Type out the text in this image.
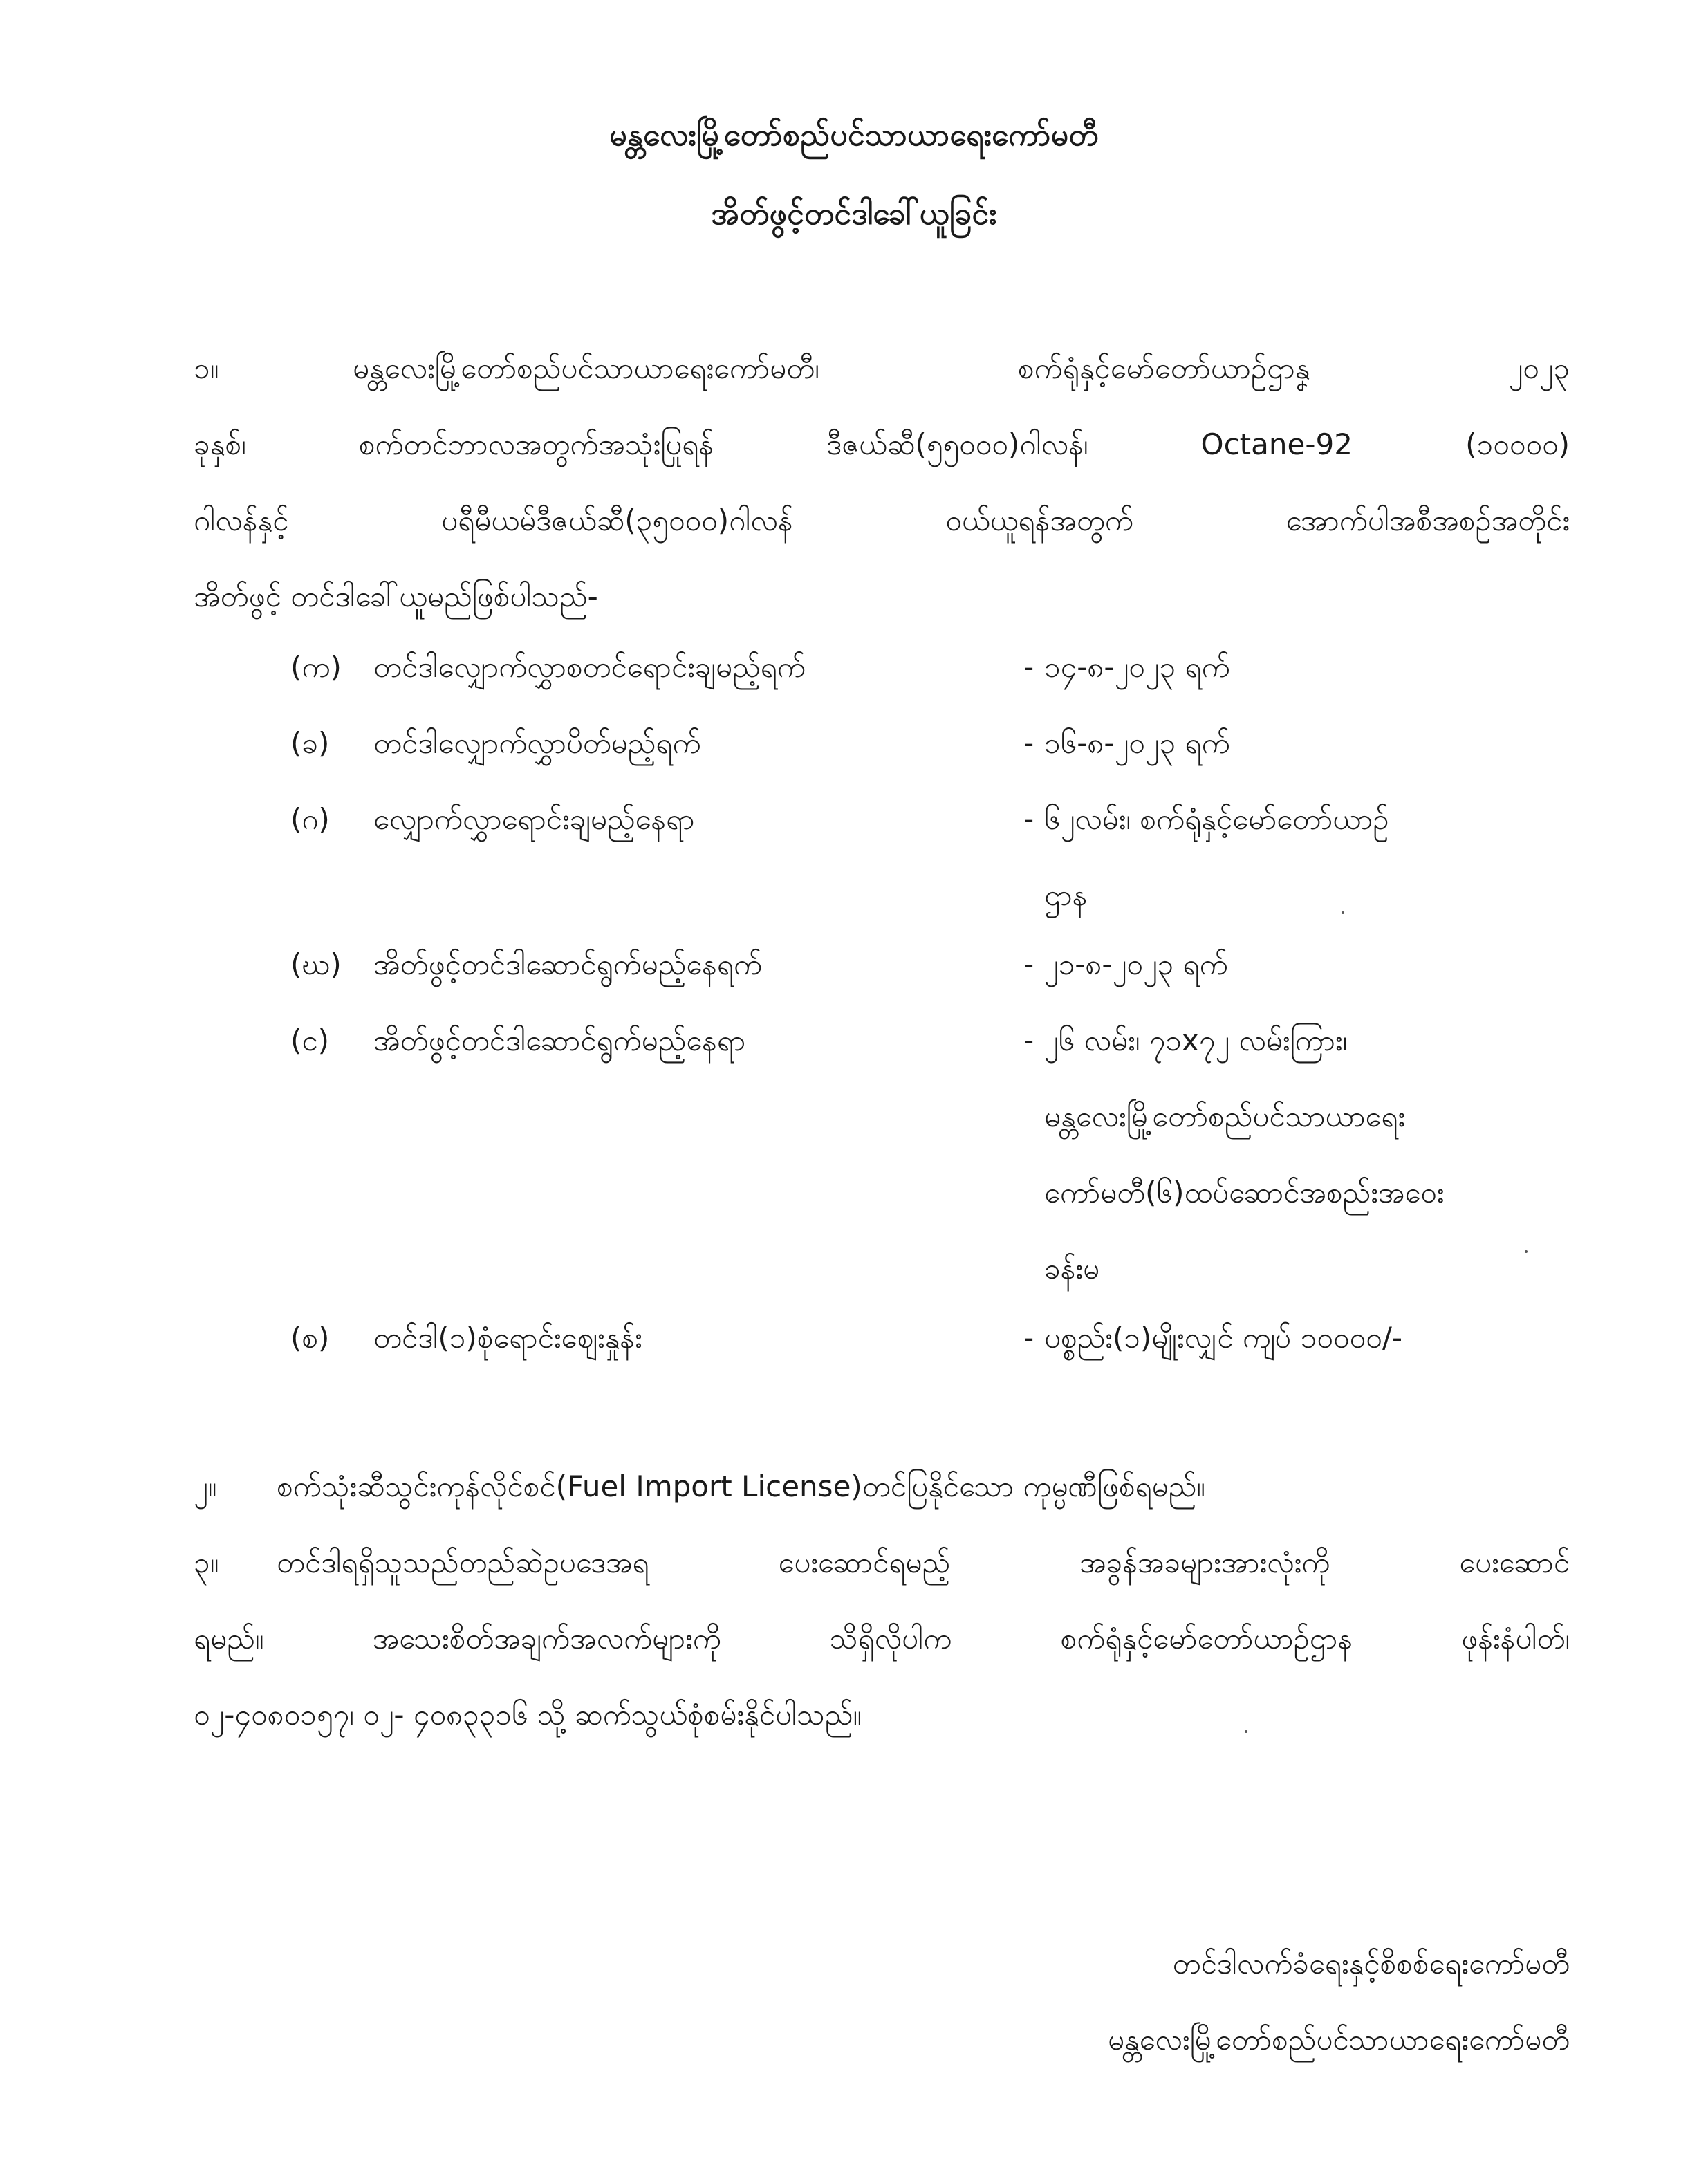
မန္တလေးမြို့တော်စည်ပင်သာယာရေးကော်မတီ
အိတ်ဖွင့်တင်ဒါခေါ်ယူခြင်း
၁။	မန္တလေးမြို့တော်စည်ပင်သာယာရေးကော်မတီ၊ စက်ရုံနှင့်မော်တော်ယာဉ်ဌာနၞ ၂၀၂၃
ခုနှစ်၊ စက်တင်ဘာလအတွက်အသုံးပြုရန် ဒီဇယ်ဆီ(၅၅၀၀၀)ဂါလန်၊ Octane-92 (၁၀၀၀၀)
ဂါလန်နှင့် ပရီမီယမ်ဒီဇယ်ဆီ(၃၅၀၀၀)ဂါလန် ဝယ်ယူရန်အတွက် အောက်ပါအစီအစဉ်အတိုင်း
အိတ်ဖွင့် တင်ဒါခေါ်ယူမည်ဖြစ်ပါသည်-
(က) တင်ဒါလျှောက်လွှာစတင်ရောင်းချမည့်ရက်	- ၁၄-၈-၂၀၂၃ ရက်
(ခ) တင်ဒါလျှောက်လွှာပိတ်မည့်ရက်	- ၁၆-၈-၂၀၂၃ ရက်
(ဂ) လျှောက်လွှာရောင်းချမည့်နေရာ	- ၆၂လမ်း၊ စက်ရုံနှင့်မော်တော်ယာဉ်
ဌာန
(ဃ) အိတ်ဖွင့်တင်ဒါဆောင်ရွက်မည့်နေရက်	- ၂၁-၈-၂၀၂၃ ရက်
(င) အိတ်ဖွင့်တင်ဒါဆောင်ရွက်မည့်နေရာ	- ၂၆ လမ်း၊ ၇၁x၇၂ လမ်းကြား၊
မန္တလေးမြို့တော်စည်ပင်သာယာရေး
ကော်မတီ(၆)ထပ်ဆောင်အစည်းအဝေး
ခန်းမ
(စ) တင်ဒါ(၁)စုံရောင်းဈေးနှုန်း	- ပစ္စည်း(၁)မျိုးလျှင် ကျပ် ၁၀၀၀၀/-
၂။ စက်သုံးဆီသွင်းကုန်လိုင်စင်(Fuel Import License)တင်ပြနိုင်သော ကုမ္ပဏီဖြစ်ရမည်။
၃။ တင်ဒါရရှိသူသည်တည်ဆဲဥပဒေအရ ပေးဆောင်ရမည့် အခွန်အခများအားလုံးကို ပေးဆောင်
ရမည်။ အသေးစိတ်အချက်အလက်များကို သိရှိလိုပါက စက်ရုံနှင့်မော်တော်ယာဉ်ဌာန ဖုန်းနံပါတ်၊
၀၂-၄၀၈၀၁၅၇၊ ၀၂- ၄၀၈၃၃၁၆ သို့ ဆက်သွယ်စုံစမ်းနိုင်ပါသည်။
တင်ဒါလက်ခံရေးနှင့်စိစစ်ရေးကော်မတီ
မန္တလေးမြို့တော်စည်ပင်သာယာရေးကော်မတီ
